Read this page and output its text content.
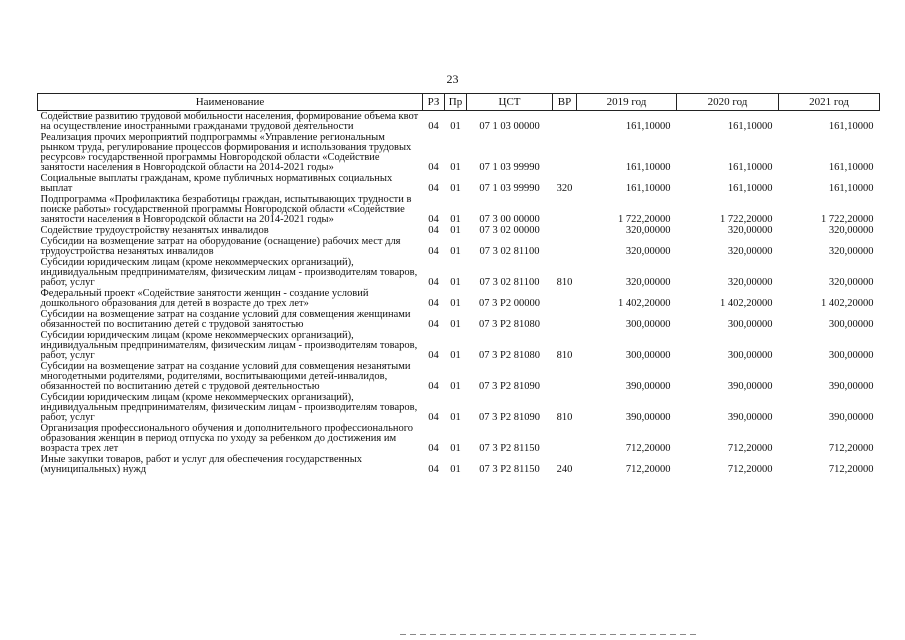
23
Наименование	РЗ	Пр	ЦСТ	ВР	2019 год	2020 год	2021 год
Содействие развитию трудовой мобильности населения, формирование объема квот на осуществление иностранными гражданами трудовой деятельности	04	01	07 1 03 00000		161,10000	161,10000	161,10000
Реализация прочих мероприятий подпрограммы «Управление региональным рынком труда, регулирование процессов формирования и использования трудовых ресурсов» государственной программы Новгородской области «Содействие занятости населения в Новгородской области на 2014-2021 годы»	04	01	07 1 03 99990		161,10000	161,10000	161,10000
Социальные выплаты гражданам, кроме публичных нормативных социальных выплат	04	01	07 1 03 99990	320	161,10000	161,10000	161,10000
Подпрограмма «Профилактика безработицы граждан, испытывающих трудности в поиске работы» государственной программы Новгородской области «Содействие занятости населения в Новгородской области на 2014-2021 годы»	04	01	07 3 00 00000		1 722,20000	1 722,20000	1 722,20000
Содействие трудоустройству незанятых инвалидов	04	01	07 3 02 00000		320,00000	320,00000	320,00000
Субсидии на возмещение затрат на оборудование (оснащение) рабочих мест для трудоустройства незанятых инвалидов	04	01	07 3 02 81100		320,00000	320,00000	320,00000
Субсидии юридическим лицам (кроме некоммерческих организаций), индивидуальным предпринимателям, физическим лицам - производителям товаров, работ, услуг	04	01	07 3 02 81100	810	320,00000	320,00000	320,00000
Федеральный проект «Содействие занятости женщин - создание условий дошкольного образования для детей в возрасте до трех лет»	04	01	07 3 P2 00000		1 402,20000	1 402,20000	1 402,20000
Субсидии на возмещение затрат на создание условий для совмещения женщинами обязанностей по воспитанию детей с трудовой занятостью	04	01	07 3 P2 81080		300,00000	300,00000	300,00000
Субсидии юридическим лицам (кроме некоммерческих организаций), индивидуальным предпринимателям, физическим лицам - производителям товаров, работ, услуг	04	01	07 3 P2 81080	810	300,00000	300,00000	300,00000
Субсидии на возмещение затрат на создание условий для совмещения незанятыми многодетными родителями, родителями, воспитывающими детей-инвалидов, обязанностей по воспитанию детей с трудовой деятельностью	04	01	07 3 P2 81090		390,00000	390,00000	390,00000
Субсидии юридическим лицам (кроме некоммерческих организаций), индивидуальным предпринимателям, физическим лицам - производителям товаров, работ, услуг	04	01	07 3 P2 81090	810	390,00000	390,00000	390,00000
Организация профессионального обучения и дополнительного профессионального образования женщин в период отпуска по уходу за ребенком до достижения им возраста трех лет	04	01	07 3 P2 81150		712,20000	712,20000	712,20000
Иные закупки товаров, работ и услуг для обеспечения государственных (муниципальных) нужд	04	01	07 3 P2 81150	240	712,20000	712,20000	712,20000
